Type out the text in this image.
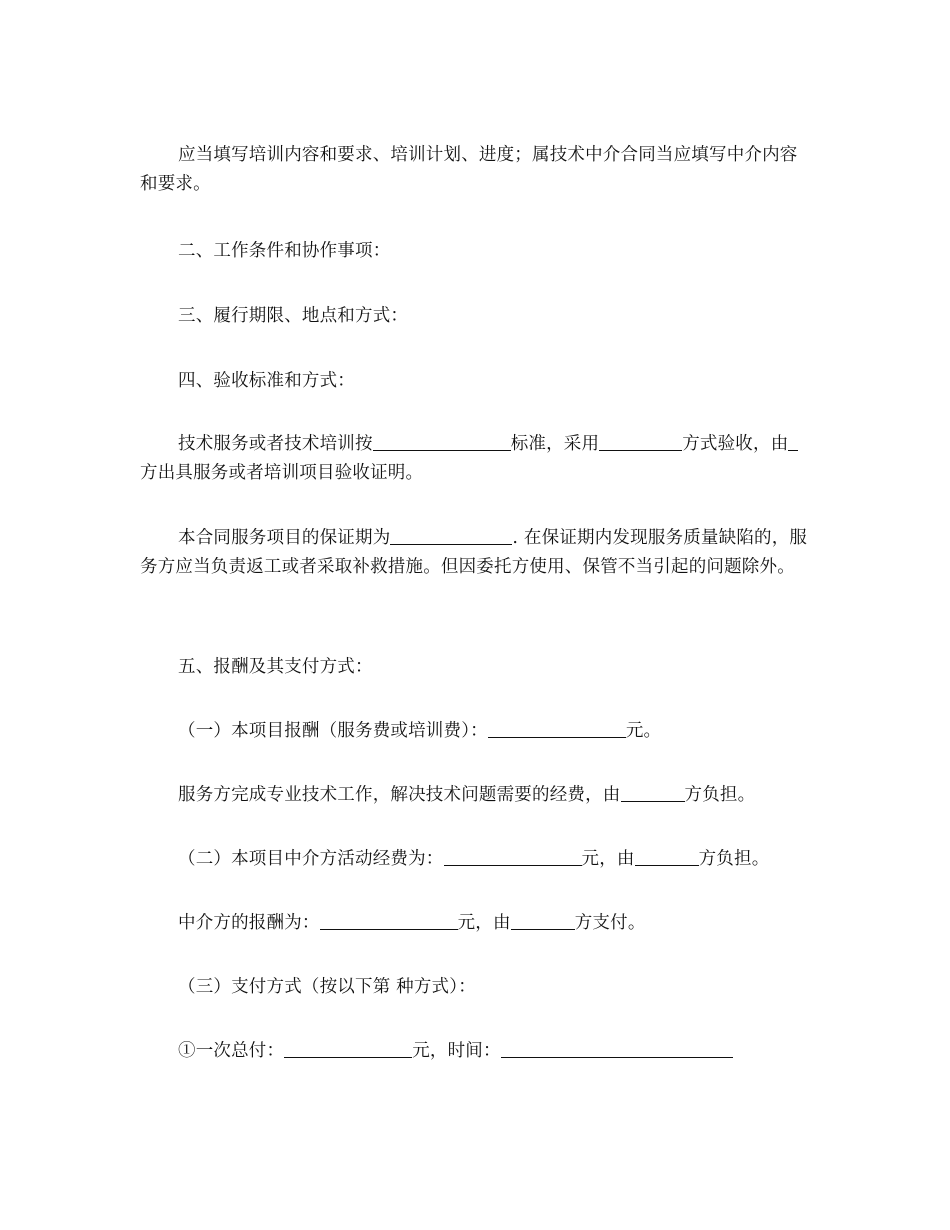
应当填写培训内容和要求、培训计划、进度；属技术中介合同当应填写中介内容和要求。

二、工作条件和协作事项：
三、履行期限、地点和方式：
四、验收标准和方式：

技术服务或者技术培训按	标准，采用	方式验收，由方出具服务或者培训项目验收证明。

本合同服务项目的保证期为	. 在保证期内发现服务质量缺陷的，服务方应当负责返工或者采取补救措施。但因委托方使用、保管不当引起的问题除外。

五、报酬及其支付方式：
（一）本项目报酬（服务费或培训费）：	元。
服务方完成专业技术工作，解决技术问题需要的经费，由	方负担。
（二）本项目中介方活动经费为：	元，由	方负担。
中介方的报酬为：	元，由	方支付。
（三）支付方式（按以下第 种方式）：
①一次总付：	元，时间：
